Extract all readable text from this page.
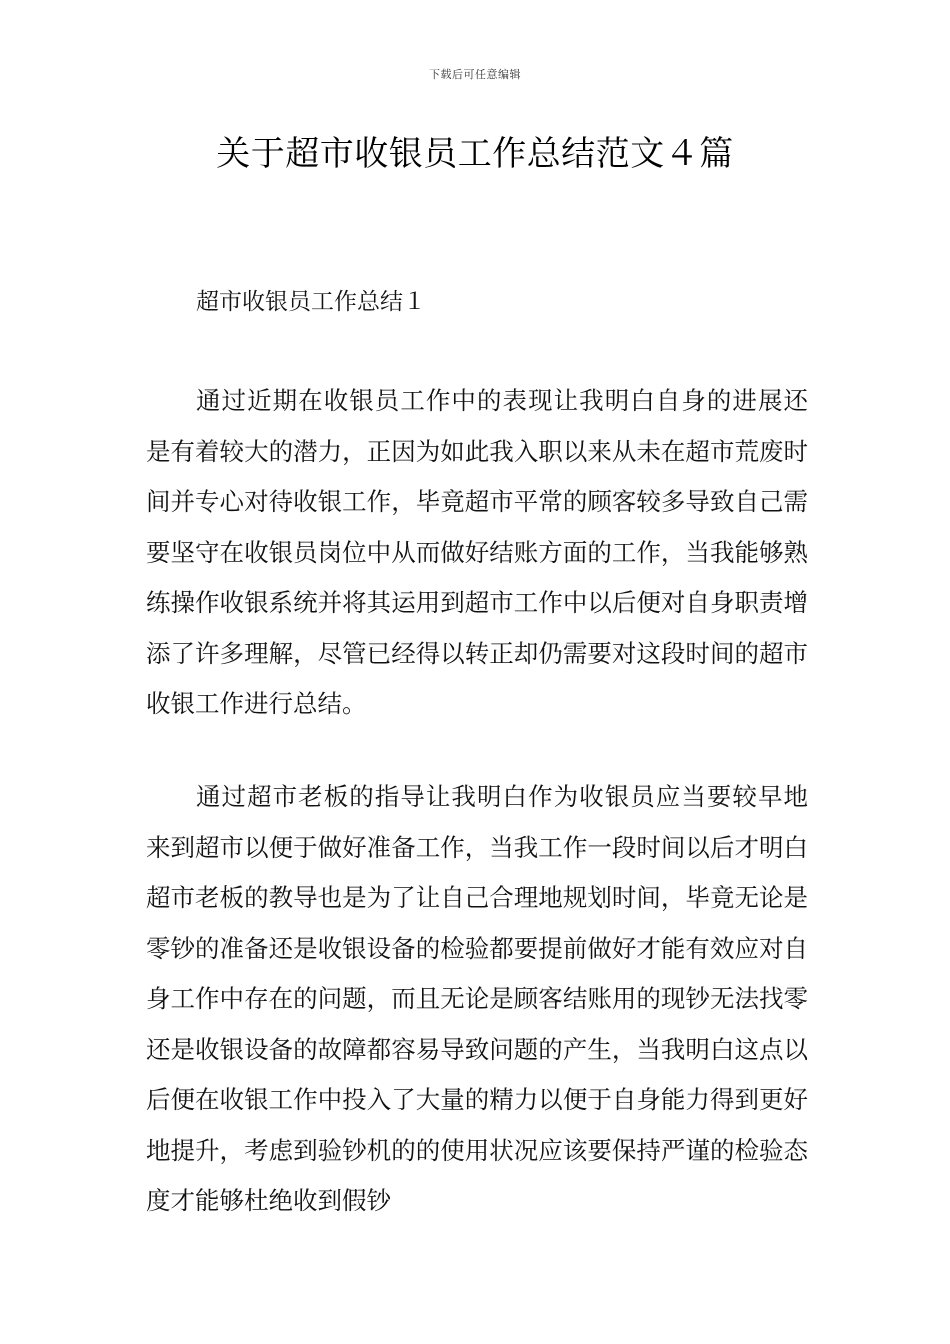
下载后可任意编辑
关于超市收银员工作总结范文４篇
超市收银员工作总结１

通过近期在收银员工作中的表现让我明白自身的进展还是有着较大的潜力，正因为如此我入职以来从未在超市荒废时间并专心对待收银工作，毕竟超市平常的顾客较多导致自己需要坚守在收银员岗位中从而做好结账方面的工作，当我能够熟练操作收银系统并将其运用到超市工作中以后便对自身职责增添了许多理解，尽管已经得以转正却仍需要对这段时间的超市收银工作进行总结。

通过超市老板的指导让我明白作为收银员应当要较早地来到超市以便于做好准备工作，当我工作一段时间以后才明白超市老板的教导也是为了让自己合理地规划时间，毕竟无论是零钞的准备还是收银设备的检验都要提前做好才能有效应对自身工作中存在的问题，而且无论是顾客结账用的现钞无法找零还是收银设备的故障都容易导致问题的产生，当我明白这点以后便在收银工作中投入了大量的精力以便于自身能力得到更好地提升，考虑到验钞机的的使用状况应该要保持严谨的检验态度才能够杜绝收到假钞
